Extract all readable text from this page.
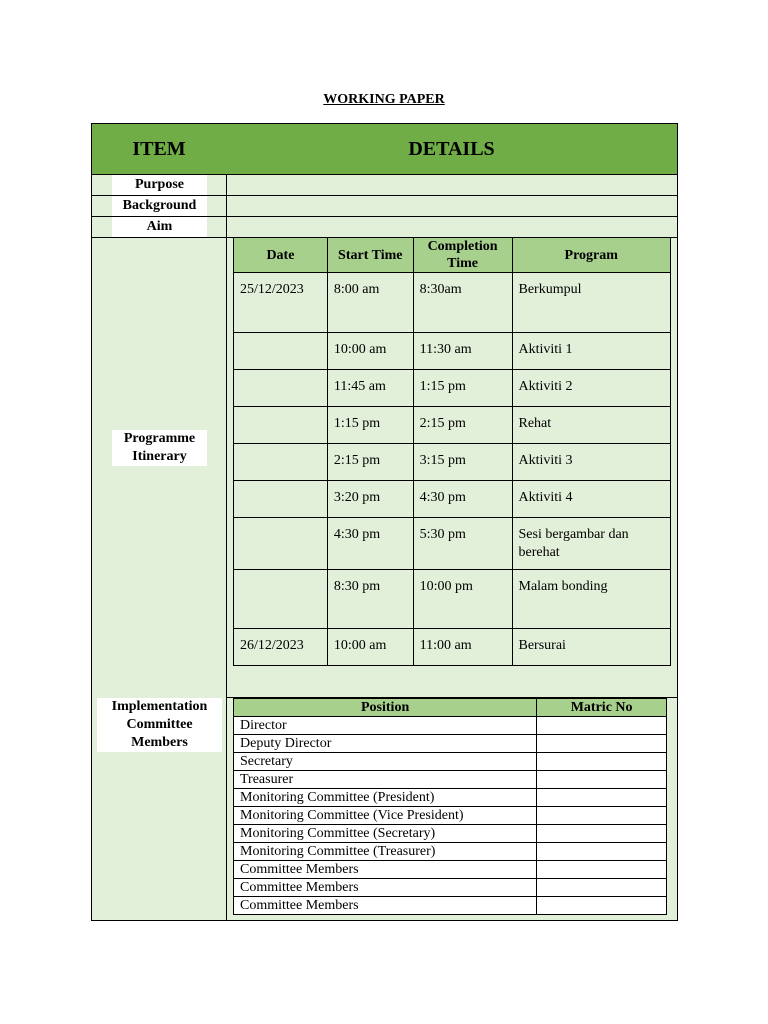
WORKING PAPER
ITEM	DETAILS
Purpose
Background
Aim
Programme Itinerary
Implementation Committee Members
Date	Start Time	Completion Time	Program
25/12/2023	8:00 am	8:30am	Berkumpul
	10:00 am	11:30 am	Aktiviti 1
	11:45 am	1:15 pm	Aktiviti 2
	1:15 pm	2:15 pm	Rehat
	2:15 pm	3:15 pm	Aktiviti 3
	3:20 pm	4:30 pm	Aktiviti 4
	4:30 pm	5:30 pm	Sesi bergambar dan berehat
	8:30 pm	10:00 pm	Malam bonding
26/12/2023	10:00 am	11:00 am	Bersurai
Position	Matric No
Director	
Deputy Director	
Secretary	
Treasurer	
Monitoring Committee (President)	
Monitoring Committee (Vice President)	
Monitoring Committee (Secretary)	
Monitoring Committee (Treasurer)	
Committee Members	
Committee Members	
Committee Members	
